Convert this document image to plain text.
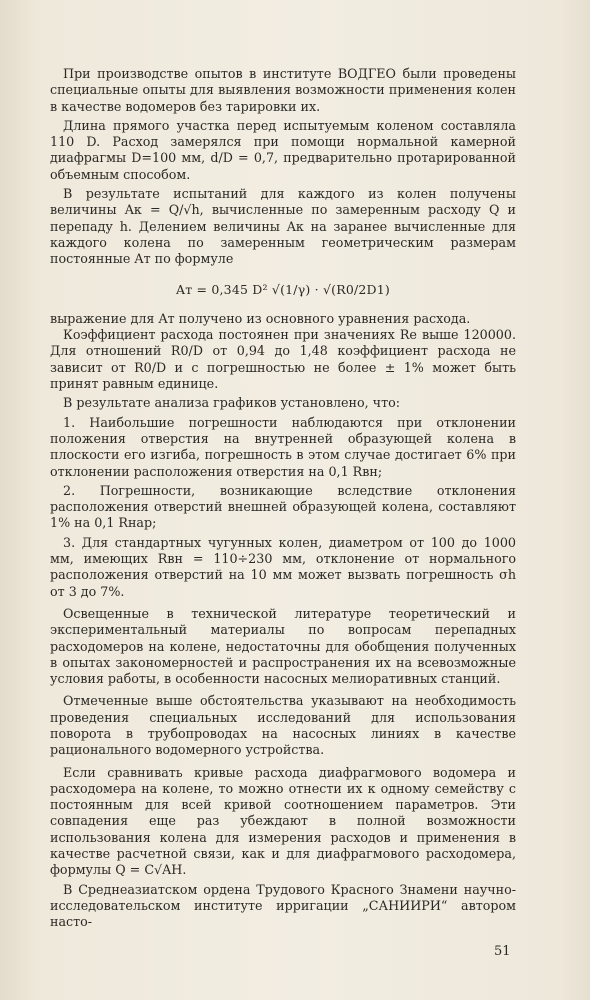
При производстве опытов в институте ВОДГЕО были проведены специальные опыты для выявления возможности применения колен в качестве водомеров без тарировки их.

Длина прямого участка перед испытуемым коленом составляла 110 D. Расход замерялся при помощи нормальной камерной диафрагмы D=100 мм, d/D = 0,7, предварительно протарированной объемным способом.

В результате испытаний для каждого из колен получены величины Aк = Q/√h, вычисленные по замеренным расходу Q и перепаду h. Делением величины Aк на заранее вычисленные для каждого колена по замеренным геометрическим размерам постоянные Aт по формуле

Aт = 0,345 D² √(1/γ) · √(R0/2D1)

выражение для Aт получено из основного уравнения расхода.

Коэффициент расхода постоянен при значениях Re выше 120000. Для отношений R0/D от 0,94 до 1,48 коэффициент расхода не зависит от R0/D и с погрешностью не более ± 1% может быть принят равным единице.

В результате анализа графиков установлено, что:

1. Наибольшие погрешности наблюдаются при отклонении положения отверстия на внутренней образующей колена в плоскости его изгиба, погрешность в этом случае достигает 6% при отклонении расположения отверстия на 0,1 Rвн;

2. Погрешности, возникающие вследствие отклонения расположения отверстий внешней образующей колена, составляют 1% на 0,1 Rнар;

3. Для стандартных чугунных колен, диаметром от 100 до 1000 мм, имеющих Rвн = 110÷230 мм, отклонение от нормального расположения отверстий на 10 мм может вызвать погрешность σh от 3 до 7%.

Освещенные в технической литературе теоретический и экспериментальный материалы по вопросам перепадных расходомеров на колене, недостаточны для обобщения полученных в опытах закономерностей и распространения их на всевозможные условия работы, в особенности насосных мелиоративных станций.

Отмеченные выше обстоятельства указывают на необходимость проведения специальных исследований для использования поворота в трубопроводах на насосных линиях в качестве рационального водомерного устройства.

Если сравнивать кривые расхода диафрагмового водомера и расходомера на колене, то можно отнести их к одному семейству с постоянным для всей кривой соотношением параметров. Эти совпадения еще раз убеждают в полной возможности использования колена для измерения расходов и применения в качестве расчетной связи, как и для диафрагмового расходомера, формулы Q = C√AH.

В Среднеазиатском ордена Трудового Красного Знамени научно-исследовательском институте ирригации „САНИИРИ“ автором насто-

51
